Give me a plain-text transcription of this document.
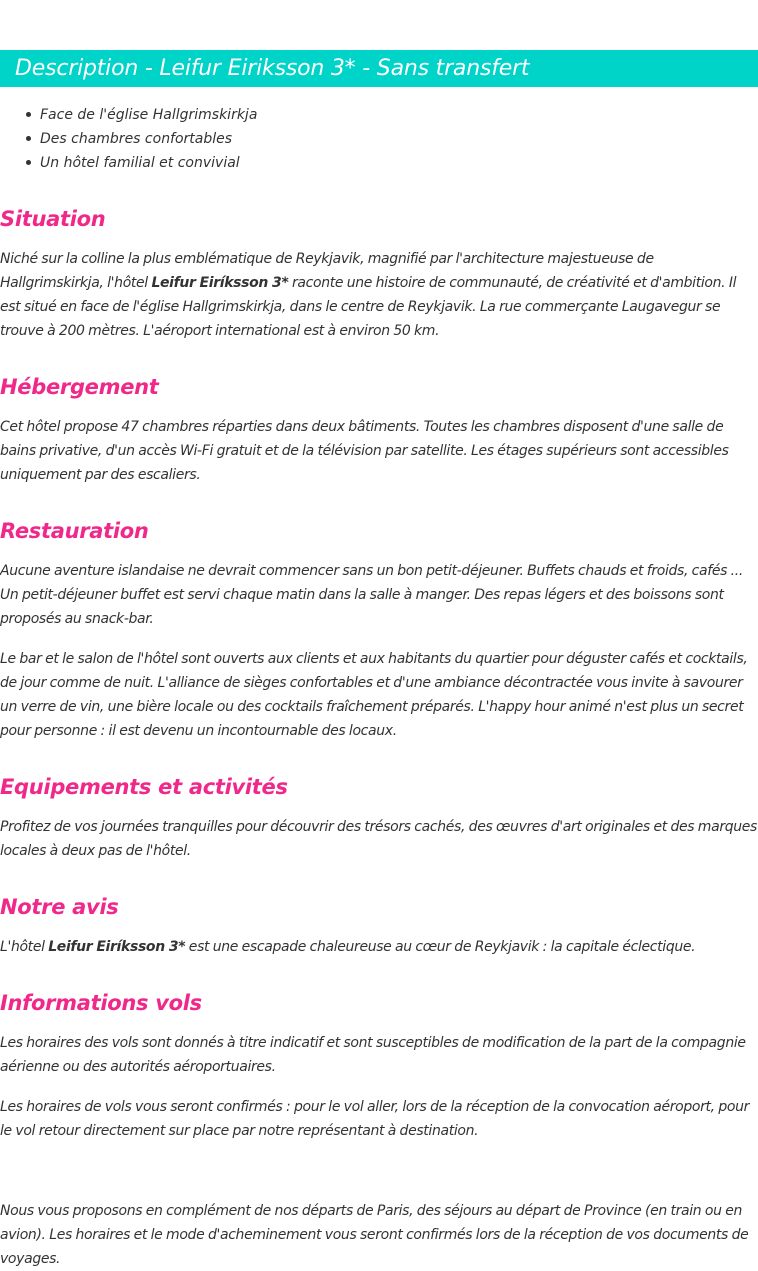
Description - Leifur Eiriksson 3* - Sans transfert
Face de l'église Hallgrimskirkja
Des chambres confortables
Un hôtel familial et convivial
Situation

Niché sur la colline la plus emblématique de Reykjavik, magnifié par l'architecture majestueuse de Hallgrimskirkja, l'hôtel Leifur Eiríksson 3* raconte une histoire de communauté, de créativité et d'ambition. Il est situé en face de l'église Hallgrimskirkja, dans le centre de Reykjavik. La rue commerçante Laugavegur se trouve à 200 mètres. L'aéroport international est à environ 50 km.

Hébergement

Cet hôtel propose 47 chambres réparties dans deux bâtiments. Toutes les chambres disposent d'une salle de bains privative, d'un accès Wi-Fi gratuit et de la télévision par satellite. Les étages supérieurs sont accessibles uniquement par des escaliers.

Restauration

Aucune aventure islandaise ne devrait commencer sans un bon petit-déjeuner. Buffets chauds et froids, cafés ... Un petit-déjeuner buffet est servi chaque matin dans la salle à manger. Des repas légers et des boissons sont proposés au snack-bar.

Le bar et le salon de l'hôtel sont ouverts aux clients et aux habitants du quartier pour déguster cafés et cocktails, de jour comme de nuit. L'alliance de sièges confortables et d'une ambiance décontractée vous invite à savourer un verre de vin, une bière locale ou des cocktails fraîchement préparés. L'happy hour animé n'est plus un secret pour personne : il est devenu un incontournable des locaux.

Equipements et activités

Profitez de vos journées tranquilles pour découvrir des trésors cachés, des œuvres d'art originales et des marques locales à deux pas de l'hôtel.

Notre avis

L'hôtel Leifur Eiríksson 3* est une escapade chaleureuse au cœur de Reykjavik : la capitale éclectique.

Informations vols

Les horaires des vols sont donnés à titre indicatif et sont susceptibles de modification de la part de la compagnie aérienne ou des autorités aéroportuaires.

Les horaires de vols vous seront confirmés : pour le vol aller, lors de la réception de la convocation aéroport, pour le vol retour directement sur place par notre représentant à destination.

Nous vous proposons en complément de nos départs de Paris, des séjours au départ de Province (en train ou en avion). Les horaires et le mode d'acheminement vous seront confirmés lors de la réception de vos documents de voyages.
